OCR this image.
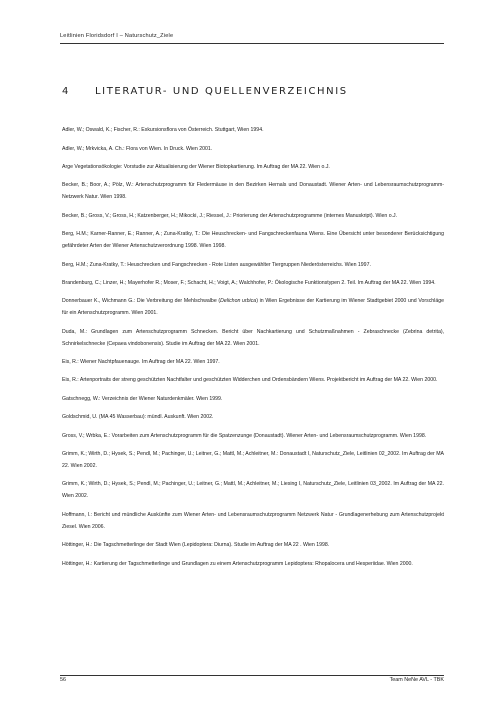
Leitlinien Floridsdorf I – Naturschutz_Ziele
4	LITERATUR- UND QUELLENVERZEICHNIS

Adler, W.; Oswald, K.; Fischer, R.: Exkursionsflora von Österreich. Stuttgart, Wien 1994.

Adler, W.; Mrkvicka, A. Ch.: Flora von Wien. In Druck. Wien 2001.

Arge Vegetationsökologie: Vorstudie zur Aktualisierung der Wiener Biotopkartierung. Im Auftrag der MA 22. Wien o.J.

Becker, B.; Boor, A.; Pölz, W.: Artenschutzprogramm für Fledermäuse in den Bezirken Hernals und Donaustadt. Wiener Arten- und Lebensraumschutzprogramm- Netzwerk Natur. Wien 1998.

Becker, B.; Gross, V.; Gross, H.; Katzenberger, H.; Mikocki, J.; Riessel, J.: Priorierung der Artenschutzprogramme (internes Manuskript). Wien o.J.

Berg, H.M.; Karner-Ranner, E.; Ranner, A.; Zuna-Kratky, T.: Die Heuschrecken- und Fangschreckenfauna Wiens. Eine Übersicht unter besonderer Berücksichtigung gefährdeter Arten der Wiener Artenschutzverordnung 1998. Wien 1998.

Berg, H.M.; Zuna-Kratky, T.: Heuschrecken und Fangschrecken - Rote Listen ausgewählter Tiergruppen Niederösterreichs. Wien 1997.

Brandenburg, C.; Linzer, H.; Mayerhofer R.; Moser, F.; Schacht, H.; Voigt, A.; Walchhofer, P.: Ökologische Funktionstypen 2. Teil. Im Auftrag der MA 22. Wien 1994.

Donnerbauer K., Wichmann G.: Die Verbreitung der Mehlschwalbe (Delichon urbica) in Wien Ergebnisse der Kartierung im Wiener Stadtgebiet 2000 und Vorschläge für ein Artenschutzprogramm. Wien 2001.

Duda, M.: Grundlagen zum Artenschutzprogramm Schnecken. Bericht über Nachkartierung und Schutzmaßnahmen - Zebraschnecke (Zebrina detrita), Schnirkelschnecke (Cepaea vindobonensis). Studie im Auftrag der MA 22. Wien 2001.

Eis, R.: Wiener Nachtpfauenauge. Im Auftrag der MA 22. Wien 1997.

Eis, R.: Artenportraits der streng geschützten Nachtfalter und geschützten Widderchen und Ordensbändern Wiens. Projektbericht im Auftrag der MA 22. Wien 2000.

Gatschnegg, W.: Verzeichnis der Wiener Naturdenkmäler. Wien 1999.

Goldschmid, U. (MA 45 Wasserbau): mündl. Auskunft. Wien 2002.

Gross, V.; Wrbka, E.: Vorarbeiten zum Artenschutzprogramm für die Spatzenzunge (Donaustadt). Wiener Arten- und Lebensraumschutzprogramm. Wien 1998.

Grimm, K.; Wirth, D.; Hysek, S.; Pendl, M.; Pachinger, U.; Leitner, G.; Mattl, M.; Achleitner, M.: Donaustadt I, Naturschutz_Ziele, Leitlinien 02_2002. Im Auftrag der MA 22. Wien 2002.

Grimm, K.; Wirth, D.; Hysek, S.; Pendl, M.; Pachinger, U.; Leitner, G.; Mattl, M.; Achleitner, M.; Liesing I, Naturschutz_Ziele, Leitlinien 03_2002. Im Auftrag der MA 22. Wien 2002.

Hoffmann, I.: Bericht und mündliche Auskünfte zum Wiener Arten- und Lebensraumschutzprogramm Netzwerk Natur - Grundlagenerhebung zum Artenschutzprojekt Ziesel. Wien 2006.

Höttinger, H.: Die Tagschmetterlinge der Stadt Wien (Lepidoptera: Diurna). Studie im Auftrag der MA 22 . Wien 1998.

Höttinger, H.: Kartierung der Tagschmetterlinge und Grundlagen zu einem Artenschutzprogramm Lepidoptera: Rhopalocera und Hesperiidae. Wien 2000.

56	Team NeNe AVL - TBK
